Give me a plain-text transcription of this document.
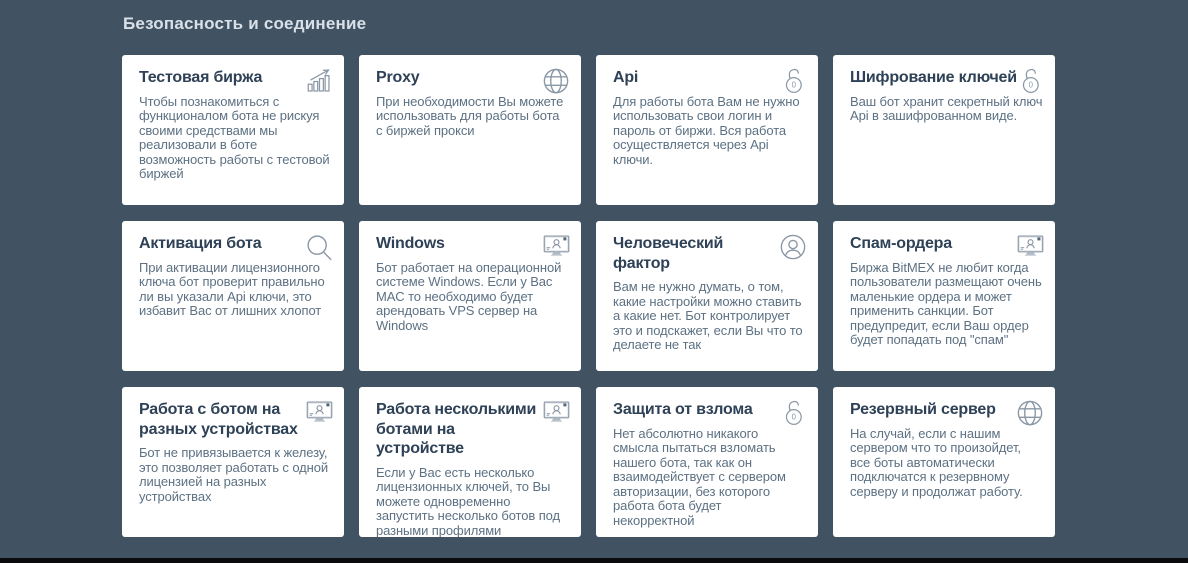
Безопасность и соединение
Тестовая биржа

Чтобы познакомиться с функционалом бота не рискуя своими средствами мы реализовали в боте возможность работы с тестовой биржей

Proxy

При необходимости Вы можете использовать для работы бота с биржей прокси

Api	0

Для работы бота Вам не нужно использовать свои логин и пароль от биржи. Вся работа осуществляется через Api ключи.

Шифрование ключей 0

Ваш бот хранит секретный ключ Api в зашифрованном виде.

Активация бота

При активации лицензионного ключа бот проверит правильно ли вы указали Api ключи, это избавит Вас от лишних хлопот

Windows

Бот работает на операционной системе Windows. Если у Вас MAC то необходимо будет арендовать VPS сервер на Windows

Человеческий фактор

Вам не нужно думать, о том, какие настройки можно ставить а какие нет. Бот контролирует это и подскажет, если Вы что то делаете не так

Спам-ордера

Биржа BitMEX не любит когда пользователи размещают очень маленькие ордера и может применить санкции. Бот предупредит, если Ваш ордер будет попадать под "спам"

Работа с ботом на разных устройствах

Бот не привязывается к железу, это позволяет работать с одной лицензией на разных устройствах

Работа несколькими ботами на устройстве

Если у Вас есть несколько лицензионных ключей, то Вы можете одновременно запустить несколько ботов под разными профилями

Защита от взлома	0

Нет абсолютно никакого смысла пытаться взломать нашего бота, так как он взаимодействует с сервером авторизации, без которого работа бота будет некорректной

Резервный сервер

На случай, если с нашим сервером что то произойдет, все боты автоматически подключатся к резервному серверу и продолжат работу.
